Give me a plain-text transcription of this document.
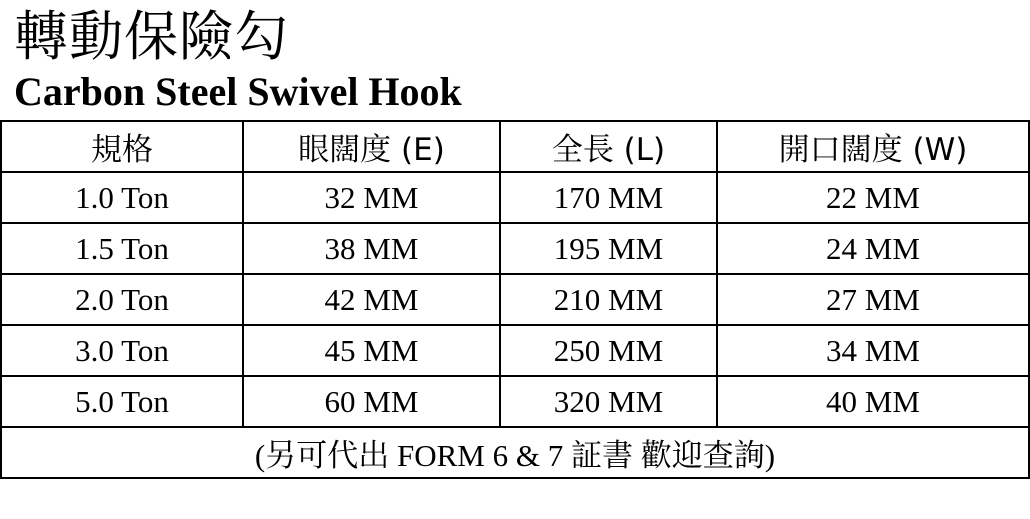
轉動保險勾
Carbon Steel Swivel Hook
規格	眼闊度 (E)	全長 (L)	開口闊度 (W)
1.0 Ton	32 MM	170 MM	22 MM
1.5 Ton	38 MM	195 MM	24 MM
2.0 Ton	42 MM	210 MM	27 MM
3.0 Ton	45 MM	250 MM	34 MM
5.0 Ton	60 MM	320 MM	40 MM
(另可代出 FORM 6 & 7 証書 歡迎查詢)			
